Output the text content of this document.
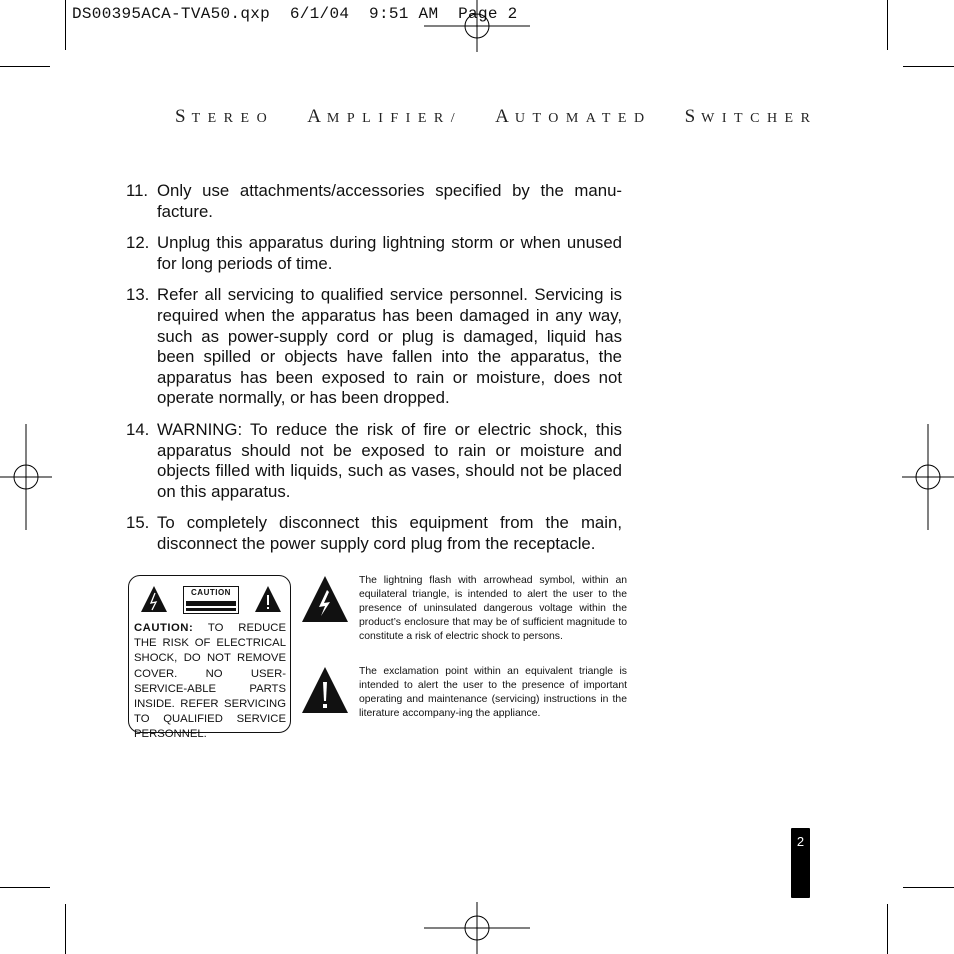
DS00395ACA-TVA50.qxp  6/1/04  9:51 AM  Page 2
STEREO AMPLIFIER/ AUTOMATED SWITCHER
11. Only use attachments/accessories specified by the manu-facture.
12. Unplug this apparatus during lightning storm or when unused for long periods of time.
13. Refer all servicing to qualified service personnel. Servicing is required when the apparatus has been damaged in any way, such as power-supply cord or plug is damaged, liquid has been spilled or objects have fallen into the apparatus, the apparatus has been exposed to rain or moisture, does not operate normally, or has been dropped.
14. WARNING: To reduce the risk of fire or electric shock, this apparatus should not be exposed to rain or moisture and objects filled with liquids, such as vases, should not be placed on this apparatus.
15. To completely disconnect this equipment from the main, disconnect the power supply cord plug from the receptacle.
CAUTION
CAUTION: TO REDUCE THE RISK OF ELECTRICAL SHOCK, DO NOT REMOVE COVER. NO USER-SERVICE-ABLE PARTS INSIDE. REFER SERVICING TO QUALIFIED SERVICE PERSONNEL.
The lightning flash with arrowhead symbol, within an equilateral triangle, is intended to alert the user to the presence of uninsulated dangerous voltage within the product’s enclosure that may be of sufficient magnitude to constitute a risk of electric shock to persons.
The exclamation point within an equivalent triangle is intended to alert the user to the presence of important operating and maintenance (servicing) instructions in the literature accompany-ing the appliance.
2
